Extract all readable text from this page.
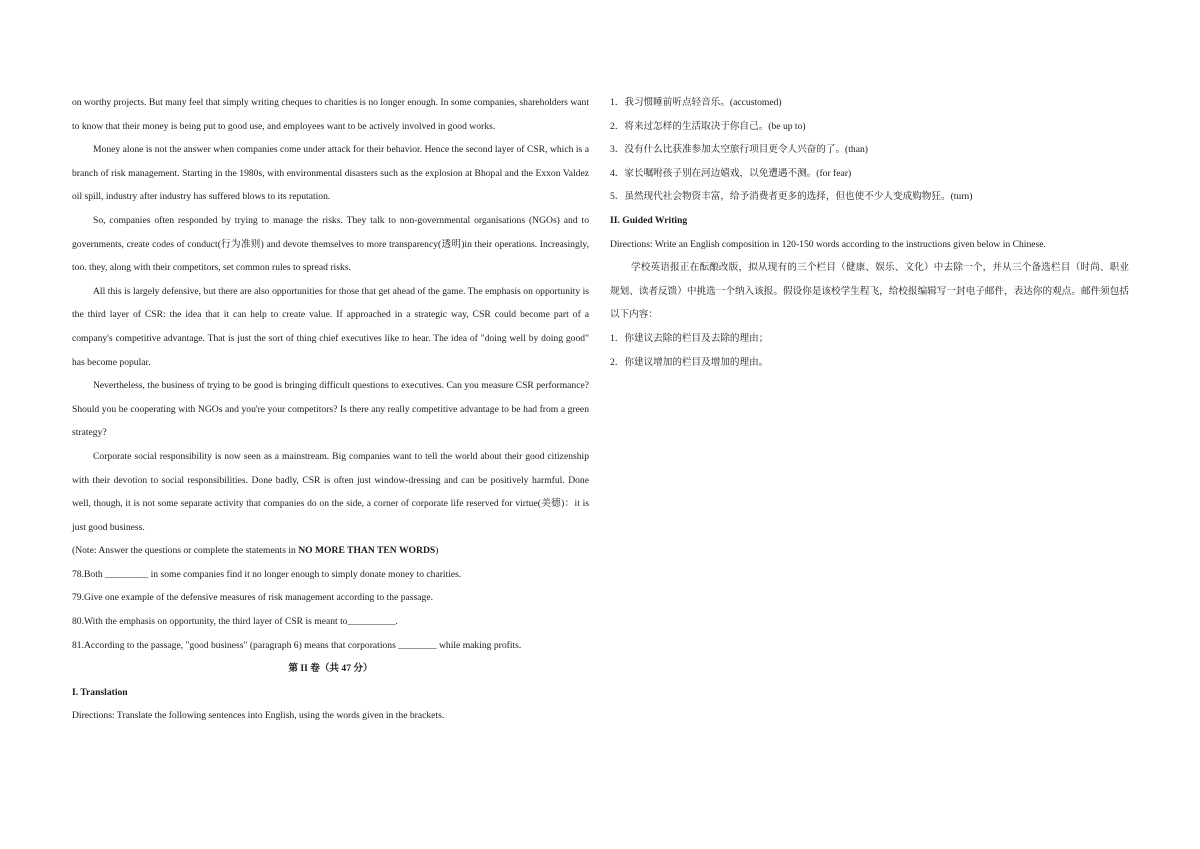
on worthy projects. But many feel that simply writing cheques to charities is no longer enough. In some companies, shareholders want to know that their money is being put to good use, and employees want to be actively involved in good works.

Money alone is not the answer when companies come under attack for their behavior. Hence the second layer of CSR, which is a branch of risk management. Starting in the 1980s, with environmental disasters such as the explosion at Bhopal and the Exxon Valdez oil spill, industry after industry has suffered blows to its reputation.

So, companies often responded by trying to manage the risks. They talk to non-governmental organisations (NGOs) and to governments, create codes of conduct(行为准则) and devote themselves to more transparency(透明)in their operations. Increasingly, too. they, along with their competitors, set common rules to spread risks.

All this is largely defensive, but there are also opportunities for those that get ahead of the game. The emphasis on opportunity is the third layer of CSR: the idea that it can help to create value. If approached in a strategic way, CSR could become part of a company's competitive advantage. That is just the sort of thing chief executives like to hear. The idea of "doing well by doing good" has become popular.

Nevertheless, the business of trying to be good is bringing difficult questions to executives. Can you measure CSR performance? Should you be cooperating with NGOs and you're your competitors? Is there any really competitive advantage to be had from a green strategy?

Corporate social responsibility is now seen as a mainstream. Big companies want to tell the world about their good citizenship with their devotion to social responsibilities. Done badly, CSR is often just window-dressing and can be positively harmful. Done well, though, it is not some separate activity that companies do on the side, a corner of corporate life reserved for virtue(美德)：it is just good business.

(Note: Answer the questions or complete the statements in NO MORE THAN TEN WORDS)

78.Both _________ in some companies find it no longer enough to simply donate money to charities.

79.Give one example of the defensive measures of risk management according to the passage.

80.With the emphasis on opportunity, the third layer of CSR is meant to__________.

81.According to the passage, "good business" (paragraph 6) means that corporations ________ while making profits.

第 II 卷（共 47 分）

I. Translation

Directions: Translate the following sentences into English, using the words given in the brackets.

1．我习惯睡前听点轻音乐。(accustomed)

2．将来过怎样的生活取决于你自己。(be up to)

3．没有什么比获准参加太空旅行项目更令人兴奋的了。(than)

4．家长嘱咐孩子别在河边嬉戏，以免遭遇不测。(for fear)

5．虽然现代社会物资丰富，给予消费者更多的选择，但也使不少人变成购物狂。(turn)

II. Guided Writing

Directions: Write an English composition in 120-150 words according to the instructions given below in Chinese.

学校英语报正在酝酿改版，拟从现有的三个栏目（健康、娱乐、文化）中去除一个，并从三个备选栏目（时尚、职业规划、读者反馈）中挑选一个纳入该报。假设你是该校学生程飞，给校报编辑写一封电子邮件，表达你的观点。邮件须包括以下内容：

1．你建议去除的栏目及去除的理由；

2．你建议增加的栏目及增加的理由。
